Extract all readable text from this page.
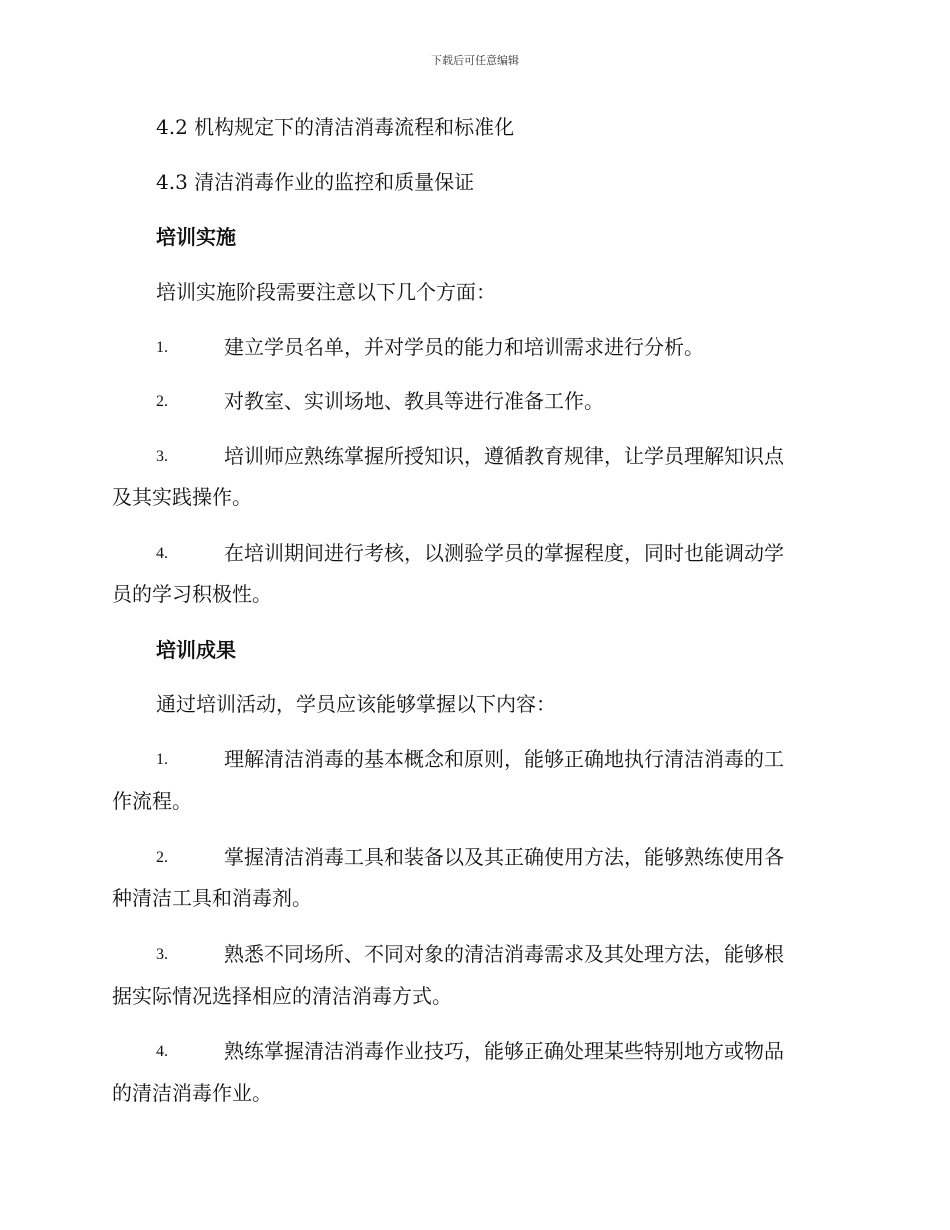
下载后可任意编辑
4.2 机构规定下的清洁消毒流程和标准化
4.3 清洁消毒作业的监控和质量保证
培训实施
培训实施阶段需要注意以下几个方面：
1.	建立学员名单，并对学员的能力和培训需求进行分析。
2.	对教室、实训场地、教具等进行准备工作。
3.	培训师应熟练掌握所授知识，遵循教育规律，让学员理解知识点
及其实践操作。
4.	在培训期间进行考核，以测验学员的掌握程度，同时也能调动学
员的学习积极性。
培训成果
通过培训活动，学员应该能够掌握以下内容：
1.	理解清洁消毒的基本概念和原则，能够正确地执行清洁消毒的工
作流程。
2.	掌握清洁消毒工具和装备以及其正确使用方法，能够熟练使用各
种清洁工具和消毒剂。
3.	熟悉不同场所、不同对象的清洁消毒需求及其处理方法，能够根
据实际情况选择相应的清洁消毒方式。
4.	熟练掌握清洁消毒作业技巧，能够正确处理某些特别地方或物品
的清洁消毒作业。
